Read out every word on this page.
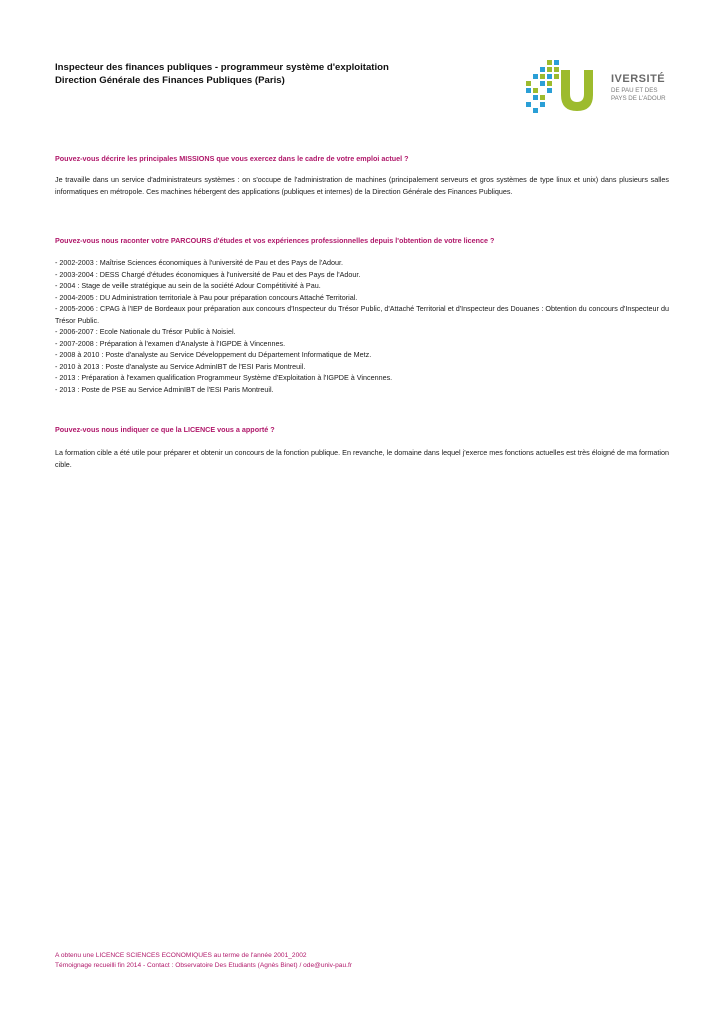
Inspecteur des finances publiques - programmeur système d'exploitation
Direction Générale des Finances Publiques (Paris)	IVERSITÉ
DE PAU ET DES
PAYS DE L'ADOUR
Pouvez-vous décrire les principales MISSIONS que vous exercez dans le cadre de votre emploi actuel ?
Je travaille dans un service d'administrateurs systèmes : on s'occupe de l'administration de machines (principalement serveurs et gros systèmes de type linux et unix) dans plusieurs salles informatiques en métropole. Ces machines hébergent des applications (publiques et internes) de la Direction Générale des Finances Publiques.
Pouvez-vous nous raconter votre PARCOURS d'études et vos expériences professionnelles depuis l'obtention de votre licence ?
- 2002-2003 : Maîtrise Sciences économiques à l'université de Pau et des Pays de l'Adour.
- 2003-2004 : DESS Chargé d'études économiques à l'université de Pau et des Pays de l'Adour.
- 2004 : Stage de veille stratégique au sein de la société Adour Compétitivité à Pau.
- 2004-2005 : DU Administration territoriale à Pau pour préparation concours Attaché Territorial.
- 2005-2006 : CPAG à l'IEP de Bordeaux pour préparation aux concours d'Inspecteur du Trésor Public, d'Attaché Territorial et d'Inspecteur des Douanes : Obtention du concours d'Inspecteur du Trésor Public.
- 2006-2007 : Ecole Nationale du Trésor Public à Noisiel.
- 2007-2008 : Préparation à l'examen d'Analyste à l'IGPDE à Vincennes.
- 2008 à 2010 : Poste d'analyste au Service Développement du Département Informatique de Metz.
- 2010 à 2013 : Poste d'analyste au Service AdminIBT de l'ESI Paris Montreuil.
- 2013 : Préparation à l'examen qualification Programmeur Système d'Exploitation à l'IGPDE à Vincennes.
- 2013 : Poste de PSE au Service AdminIBT de l'ESI Paris Montreuil.
Pouvez-vous nous indiquer ce que la LICENCE vous a apporté ?
La formation cible a été utile pour préparer et obtenir un concours de la fonction publique. En revanche, le domaine dans lequel j'exerce mes fonctions actuelles est très éloigné de ma formation cible.
A obtenu une LICENCE SCIENCES ECONOMIQUES au terme de l'année 2001_2002
Témoignage recueilli fin 2014 - Contact : Observatoire Des Etudiants (Agnès Binet) / ode@univ-pau.fr
